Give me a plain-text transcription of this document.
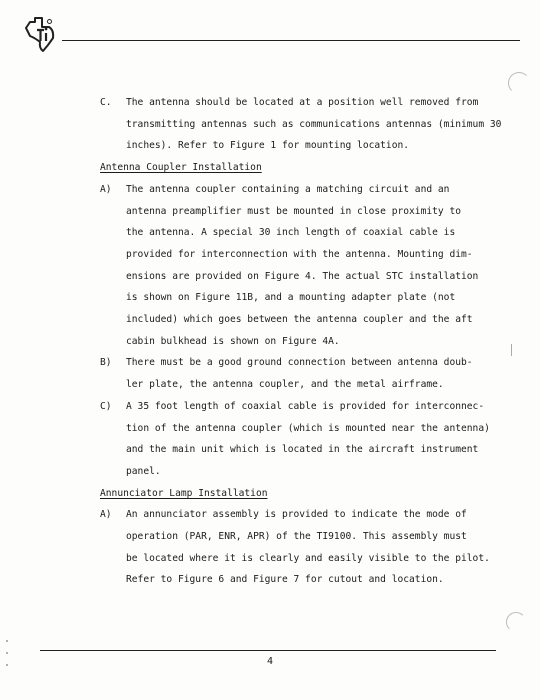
C.	The antenna should be located at a position well removed from
transmitting antennas such as communications antennas (minimum 30
inches). Refer to Figure 1 for mounting location.
Antenna Coupler Installation
A)	The antenna coupler containing a matching circuit and an
antenna preamplifier must be mounted in close proximity to
the antenna. A special 30 inch length of coaxial cable is
provided for interconnection with the antenna. Mounting dim-
ensions are provided on Figure 4. The actual STC installation
is shown on Figure 11B, and a mounting adapter plate (not
included) which goes between the antenna coupler and the aft
cabin bulkhead is shown on Figure 4A.
B)	There must be a good ground connection between antenna doub-
ler plate, the antenna coupler, and the metal airframe.
C)	A 35 foot length of coaxial cable is provided for interconnec-
tion of the antenna coupler (which is mounted near the antenna)
and the main unit which is located in the aircraft instrument
panel.
Annunciator Lamp Installation
A)	An annunciator assembly is provided to indicate the mode of
operation (PAR, ENR, APR) of the TI9100. This assembly must
be located where it is clearly and easily visible to the pilot.
Refer to Figure 6 and Figure 7 for cutout and location.
4
